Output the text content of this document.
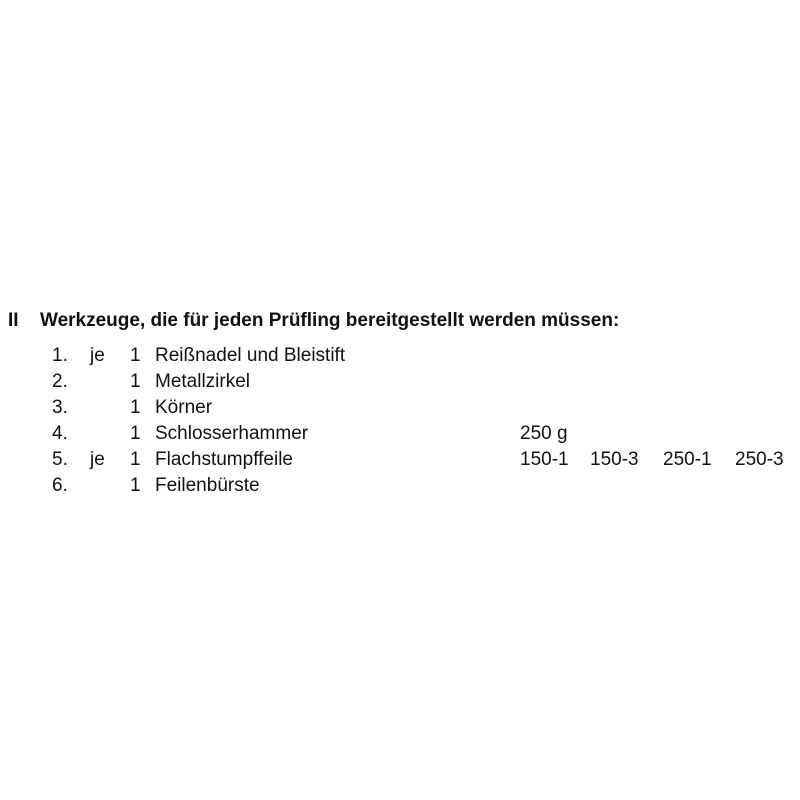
II Werkzeuge, die für jeden Prüfling bereitgestellt werden müssen:
1. je 1 Reißnadel und Bleistift
2.	1 Metallzirkel
3.	1 Körner
4.	1 Schlosserhammer	250 g
5. je 1 Flachstumpffeile	150-1 150-3 250-1 250-3
6.	1 Feilenbürste
